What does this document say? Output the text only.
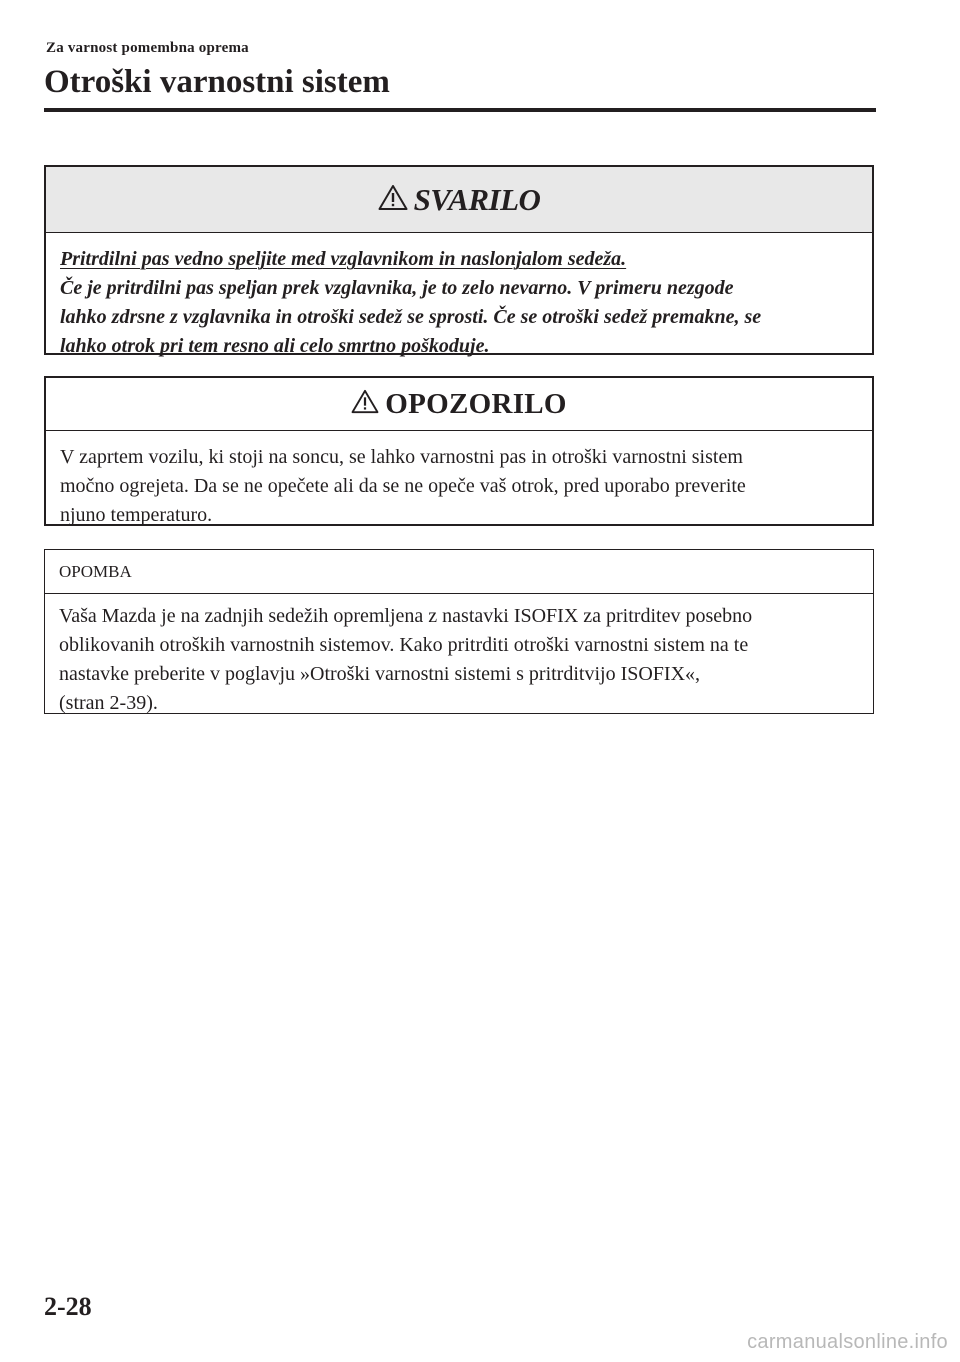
Za varnost pomembna oprema
Otroški varnostni sistem
SVARILO
Pritrdilni pas vedno speljite med vzglavnikom in naslonjalom sedeža.
Če je pritrdilni pas speljan prek vzglavnika, je to zelo nevarno. V primeru nezgode
lahko zdrsne z vzglavnika in otroški sedež se sprosti. Če se otroški sedež premakne, se
lahko otrok pri tem resno ali celo smrtno poškoduje.
OPOZORILO
V zaprtem vozilu, ki stoji na soncu, se lahko varnostni pas in otroški varnostni sistem
močno ogrejeta. Da se ne opečete ali da se ne opeče vaš otrok, pred uporabo preverite
njuno temperaturo.
OPOMBA
Vaša Mazda je na zadnjih sedežih opremljena z nastavki ISOFIX za pritrditev posebno
oblikovanih otroških varnostnih sistemov. Kako pritrditi otroški varnostni sistem na te
nastavke preberite v poglavju »Otroški varnostni sistemi s pritrditvijo ISOFIX«,
(stran 2-39).
2-28
carmanualsonline.info
